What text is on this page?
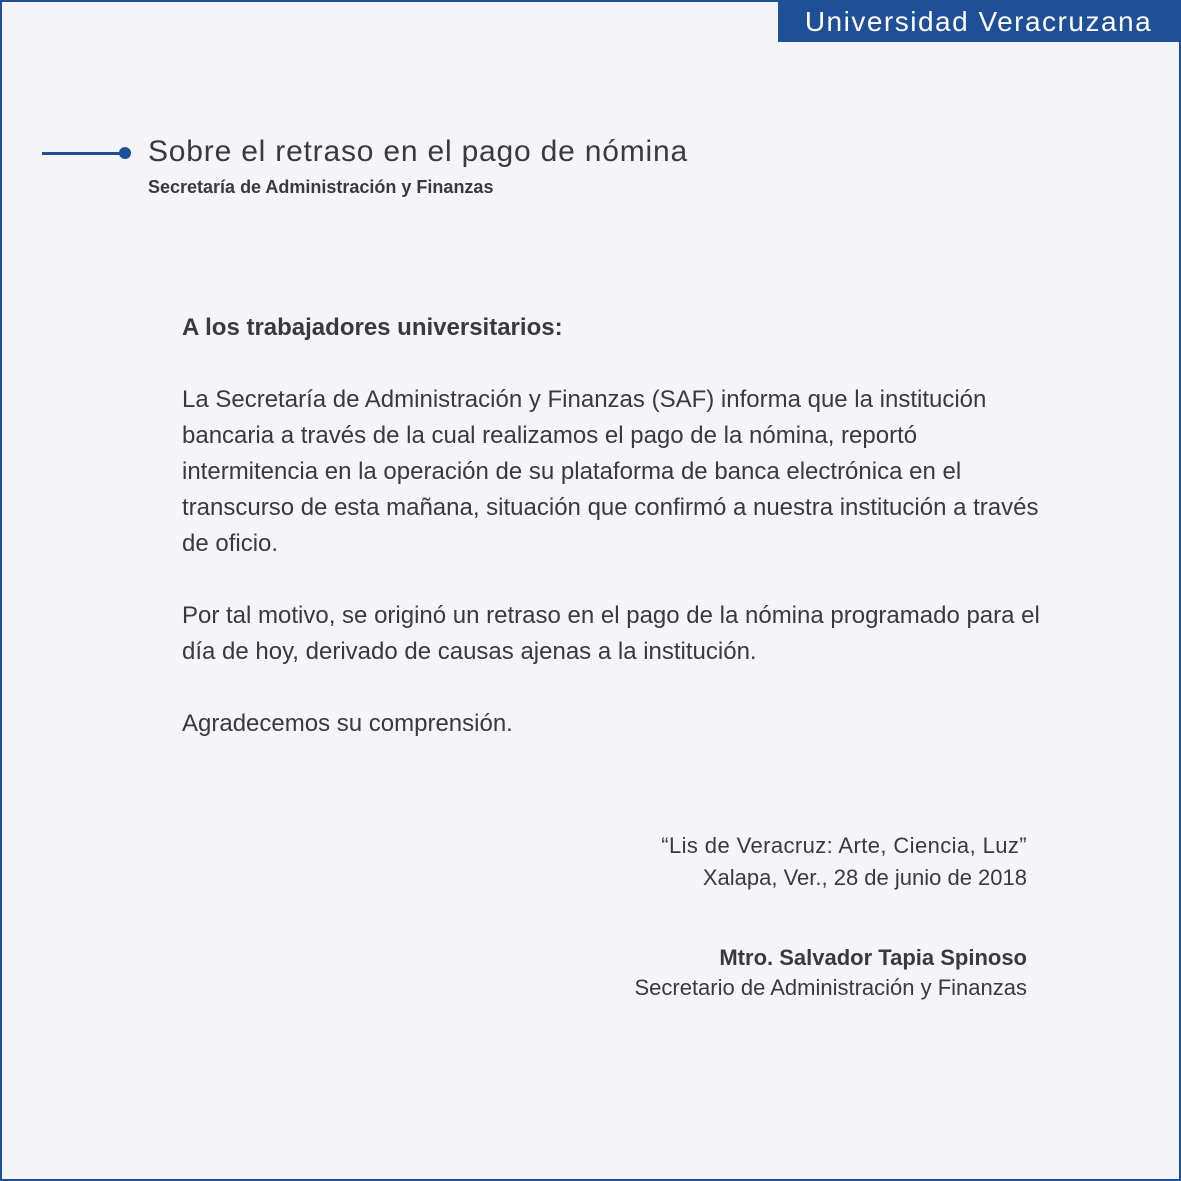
Universidad Veracruzana
Sobre el retraso en el pago de nómina
Secretaría de Administración y Finanzas
A los trabajadores universitarios:

La Secretaría de Administración y Finanzas (SAF) informa que la institución bancaria a través de la cual realizamos el pago de la nómina, reportó intermitencia en la operación de su plataforma de banca electrónica en el transcurso de esta mañana, situación que confirmó a nuestra institución a través de oficio.

Por tal motivo, se originó un retraso en el pago de la nómina programado para el día de hoy, derivado de causas ajenas a la institución.

Agradecemos su comprensión.

“Lis de Veracruz: Arte, Ciencia, Luz”
Xalapa, Ver., 28 de junio de 2018
Mtro. Salvador Tapia Spinoso
Secretario de Administración y Finanzas
